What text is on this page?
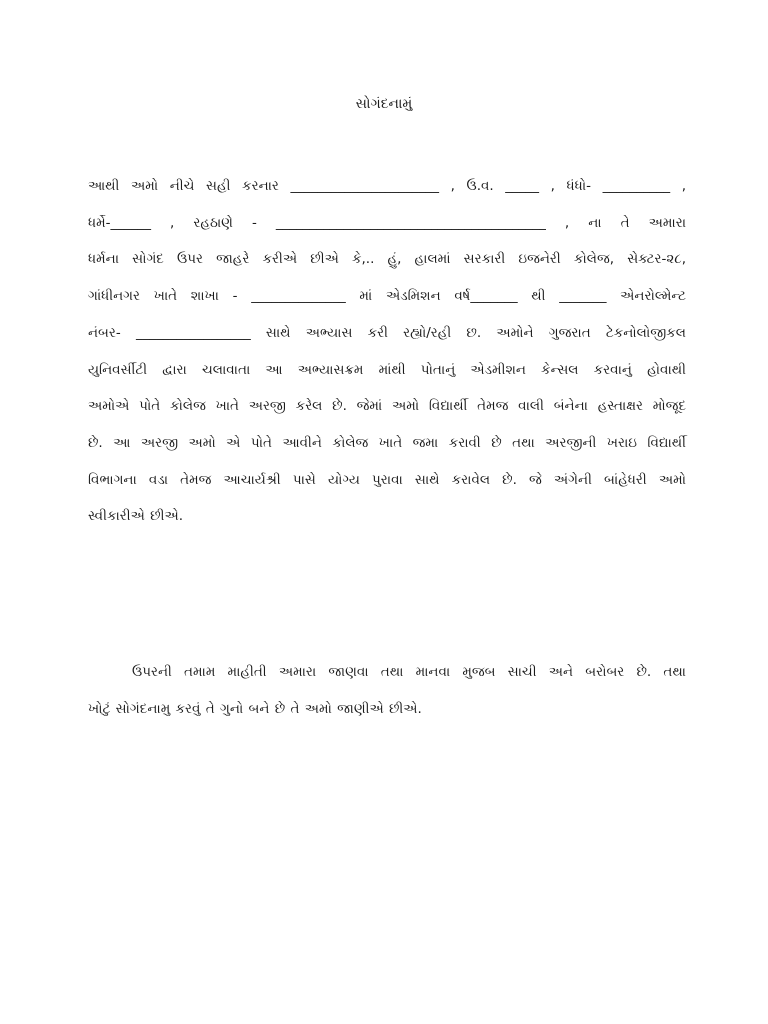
સોગંદનામું
આથી અમો નીચે સહી કરનાર ______________________ , ઉ.વ. _____ , ધંધો- __________ ,
ધર્મે-______ , રહઠાણે - ________________________________________ , ના તે અમારા
ધર્મના સોગંદ ઉપર જાહરે કરીએ છીએ કે,.. હું, હાલમાં સરકારી ઇજનેરી કોલેજ, સેક્ટર-૨૮,
ગાંધીનગર ખાતે શાખા - ______________ માં એડમિશન વર્ષ_______ થી _______ એનરોલ્મેન્ટ
નંબર- _________________ સાથે અભ્યાસ કરી રહ્યો/રહી છ. અમોને ગુજરાત ટેકનોલોજીકલ
યુનિવર્સીટી દ્વારા ચલાવાતા આ અભ્યાસક્રમ માંથી પોતાનું એડમીશન કેન્સલ કરવાનું હોવાથી
અમોએ પોતે કોલેજ ખાતે અરજી કરેલ છે. જેમાં અમો વિદ્યાર્થી તેમજ વાલી બંનેના હસ્તાક્ષર મોજૂદ
છે. આ અરજી અમો એ પોતે આવીને કોલેજ ખાતે જમા કરાવી છે તથા અરજીની ખરાઇ વિદ્યાર્થી
વિભાગના વડા તેમજ આચાર્યશ્રી પાસે યોગ્ય પુરાવા સાથે કરાવેલ છે. જે અંગેની બાંહેધરી અમો
સ્વીકારીએ છીએ.
ઉપરની તમામ માહીતી અમારા જાણવા તથા માનવા મુજબ સાચી અને બરોબર છે. તથા
ખોટું સોગંદનામુ કરવું તે ગુનો બને છે તે અમો જાણીએ છીએ.
